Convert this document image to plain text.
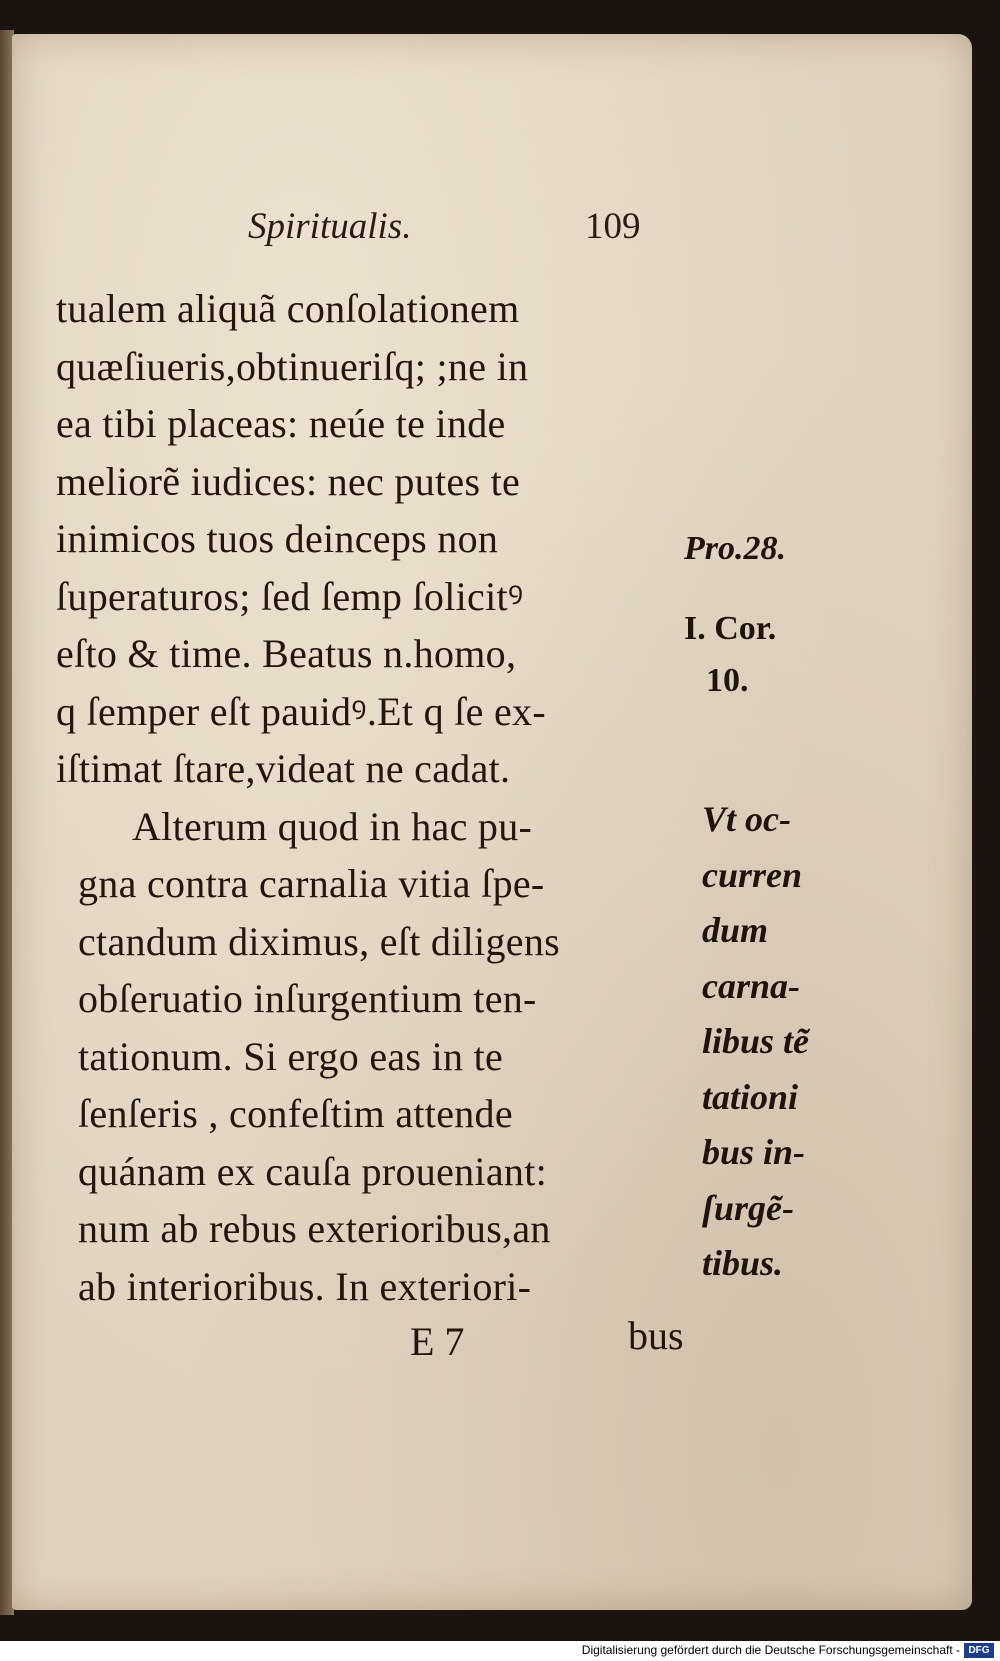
Spiritualis.	109
tualem aliquã conſolationem
quæſiueris,obtinueriſq; ;ne in
ea tibi placeas: neúe te inde
meliorẽ iudices: nec putes te
inimicos tuos deinceps non
ſuperaturos; ſed ſemp ſolicitꝰ
eſto & time. Beatus n.homo,
q ſemper eſt pauidꝰ.Et q ſe ex-
iſtimat ſtare,videat ne cadat.
Alterum quod in hac pu-
gna contra carnalia vitia ſpe-
ctandum diximus, eſt diligens
obſeruatio inſurgentium ten-
tationum. Si ergo eas in te
ſenſeris , confeſtim attende
quánam ex cauſa proueniant:
num ab rebus exterioribus,an
ab interioribus. In exteriori-
Pro.28.
I. Cor.
10.
Vt oc-
curren
dum
carna-
libus tẽ
tationi
bus in-
ſurgẽ-
tibus.
E 7	bus
Digitalisierung gefördert durch die Deutsche Forschungsgemeinschaft - DFG
